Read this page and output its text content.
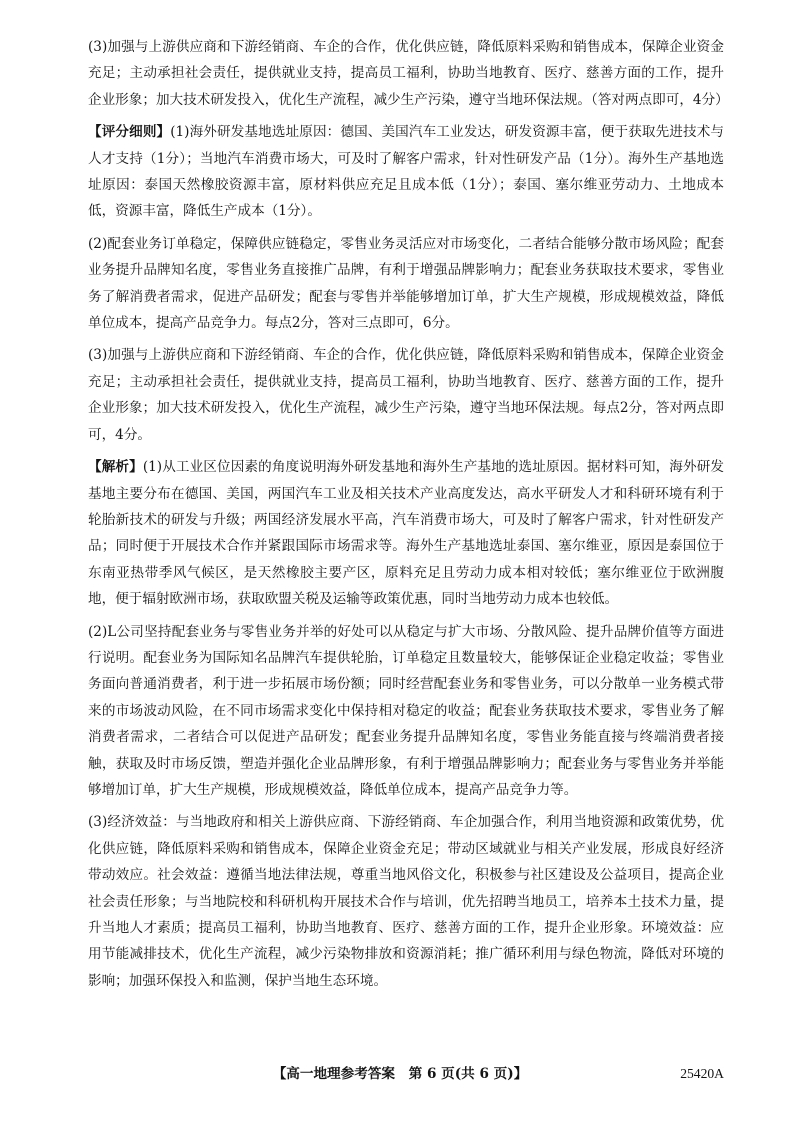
(3)加强与上游供应商和下游经销商、车企的合作，优化供应链，降低原料采购和销售成本，保障企业资金充足；主动承担社会责任，提供就业支持，提高员工福利，协助当地教育、医疗、慈善方面的工作，提升企业形象；加大技术研发投入，优化生产流程，减少生产污染，遵守当地环保法规。（答对两点即可，4分）

【评分细则】(1)海外研发基地选址原因：德国、美国汽车工业发达，研发资源丰富，便于获取先进技术与人才支持（1分）；当地汽车消费市场大，可及时了解客户需求，针对性研发产品（1分）。海外生产基地选址原因：泰国天然橡胶资源丰富，原材料供应充足且成本低（1分）；泰国、塞尔维亚劳动力、土地成本低，资源丰富，降低生产成本（1分）。

(2)配套业务订单稳定，保障供应链稳定，零售业务灵活应对市场变化，二者结合能够分散市场风险；配套业务提升品牌知名度，零售业务直接推广品牌，有利于增强品牌影响力；配套业务获取技术要求，零售业务了解消费者需求，促进产品研发；配套与零售并举能够增加订单，扩大生产规模，形成规模效益，降低单位成本，提高产品竞争力。每点2分，答对三点即可，6分。

(3)加强与上游供应商和下游经销商、车企的合作，优化供应链，降低原料采购和销售成本，保障企业资金充足；主动承担社会责任，提供就业支持，提高员工福利，协助当地教育、医疗、慈善方面的工作，提升企业形象；加大技术研发投入，优化生产流程，减少生产污染，遵守当地环保法规。每点2分，答对两点即可，4分。

【解析】(1)从工业区位因素的角度说明海外研发基地和海外生产基地的选址原因。据材料可知，海外研发基地主要分布在德国、美国，两国汽车工业及相关技术产业高度发达，高水平研发人才和科研环境有利于轮胎新技术的研发与升级；两国经济发展水平高，汽车消费市场大，可及时了解客户需求，针对性研发产品；同时便于开展技术合作并紧跟国际市场需求等。海外生产基地选址泰国、塞尔维亚，原因是泰国位于东南亚热带季风气候区，是天然橡胶主要产区，原料充足且劳动力成本相对较低；塞尔维亚位于欧洲腹地，便于辐射欧洲市场，获取欧盟关税及运输等政策优惠，同时当地劳动力成本也较低。

(2)L公司坚持配套业务与零售业务并举的好处可以从稳定与扩大市场、分散风险、提升品牌价值等方面进行说明。配套业务为国际知名品牌汽车提供轮胎，订单稳定且数量较大，能够保证企业稳定收益；零售业务面向普通消费者，利于进一步拓展市场份额；同时经营配套业务和零售业务，可以分散单一业务模式带来的市场波动风险，在不同市场需求变化中保持相对稳定的收益；配套业务获取技术要求，零售业务了解消费者需求，二者结合可以促进产品研发；配套业务提升品牌知名度，零售业务能直接与终端消费者接触，获取及时市场反馈，塑造并强化企业品牌形象，有利于增强品牌影响力；配套业务与零售业务并举能够增加订单，扩大生产规模，形成规模效益，降低单位成本，提高产品竞争力等。

(3)经济效益：与当地政府和相关上游供应商、下游经销商、车企加强合作，利用当地资源和政策优势，优化供应链，降低原料采购和销售成本，保障企业资金充足；带动区域就业与相关产业发展，形成良好经济带动效应。社会效益：遵循当地法律法规，尊重当地风俗文化，积极参与社区建设及公益项目，提高企业社会责任形象；与当地院校和科研机构开展技术合作与培训，优先招聘当地员工，培养本土技术力量，提升当地人才素质；提高员工福利，协助当地教育、医疗、慈善方面的工作，提升企业形象。环境效益：应用节能减排技术，优化生产流程，减少污染物排放和资源消耗；推广循环利用与绿色物流，降低对环境的影响；加强环保投入和监测，保护当地生态环境。

【高一地理参考答案　第 6 页(共 6 页)】	25420A
